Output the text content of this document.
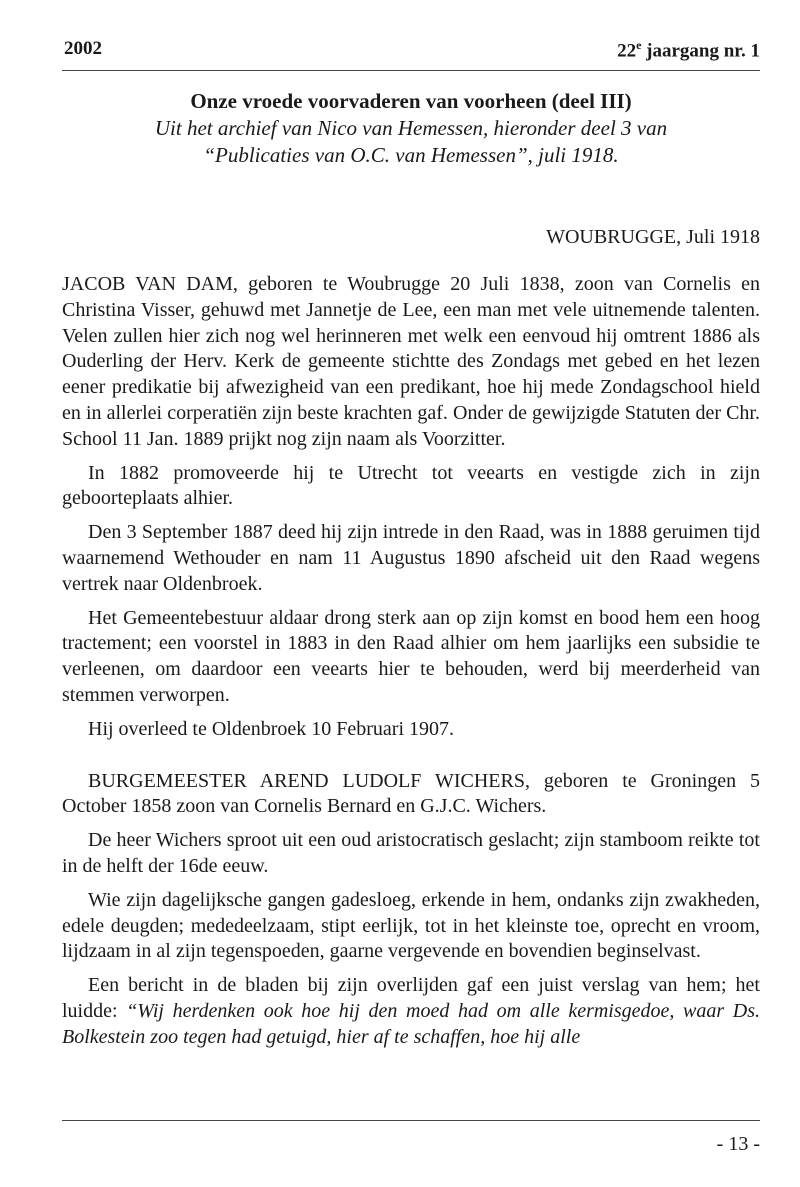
2002	22e jaargang nr. 1
Onze vroede voorvaderen van voorheen (deel III)
Uit het archief van Nico van Hemessen, hieronder deel 3 van
“Publicaties van O.C. van Hemessen”, juli 1918.
WOUBRUGGE, Juli 1918

JACOB VAN DAM, geboren te Woubrugge 20 Juli 1838, zoon van Cornelis en Christina Visser, gehuwd met Jannetje de Lee, een man met vele uitnemende talenten. Velen zullen hier zich nog wel herinneren met welk een eenvoud hij omtrent 1886 als Ouderling der Herv. Kerk de gemeente stichtte des Zondags met gebed en het lezen eener predikatie bij afwezigheid van een predikant, hoe hij mede Zondagschool hield en in allerlei corperatiën zijn beste krachten gaf. Onder de gewijzigde Statuten der Chr. School 11 Jan. 1889 prijkt nog zijn naam als Voorzitter.

In 1882 promoveerde hij te Utrecht tot veearts en vestigde zich in zijn geboorteplaats alhier.

Den 3 September 1887 deed hij zijn intrede in den Raad, was in 1888 geruimen tijd waarnemend Wethouder en nam 11 Augustus 1890 afscheid uit den Raad wegens vertrek naar Oldenbroek.

Het Gemeentebestuur aldaar drong sterk aan op zijn komst en bood hem een hoog tractement; een voorstel in 1883 in den Raad alhier om hem jaarlijks een subsidie te verleenen, om daardoor een veearts hier te behouden, werd bij meerderheid van stemmen verworpen.

Hij overleed te Oldenbroek 10 Februari 1907.

BURGEMEESTER AREND LUDOLF WICHERS, geboren te Groningen 5 October 1858 zoon van Cornelis Bernard en G.J.C. Wichers.

De heer Wichers sproot uit een oud aristocratisch geslacht; zijn stamboom reikte tot in de helft der 16de eeuw.

Wie zijn dagelijksche gangen gadesloeg, erkende in hem, ondanks zijn zwakheden, edele deugden; mededeelzaam, stipt eerlijk, tot in het kleinste toe, oprecht en vroom, lijdzaam in al zijn tegenspoeden, gaarne vergevende en bovendien beginselvast.

Een bericht in de bladen bij zijn overlijden gaf een juist verslag van hem; het luidde: “Wij herdenken ook hoe hij den moed had om alle kermisgedoe, waar Ds. Bolkestein zoo tegen had getuigd, hier af te schaffen, hoe hij alle

- 13 -
